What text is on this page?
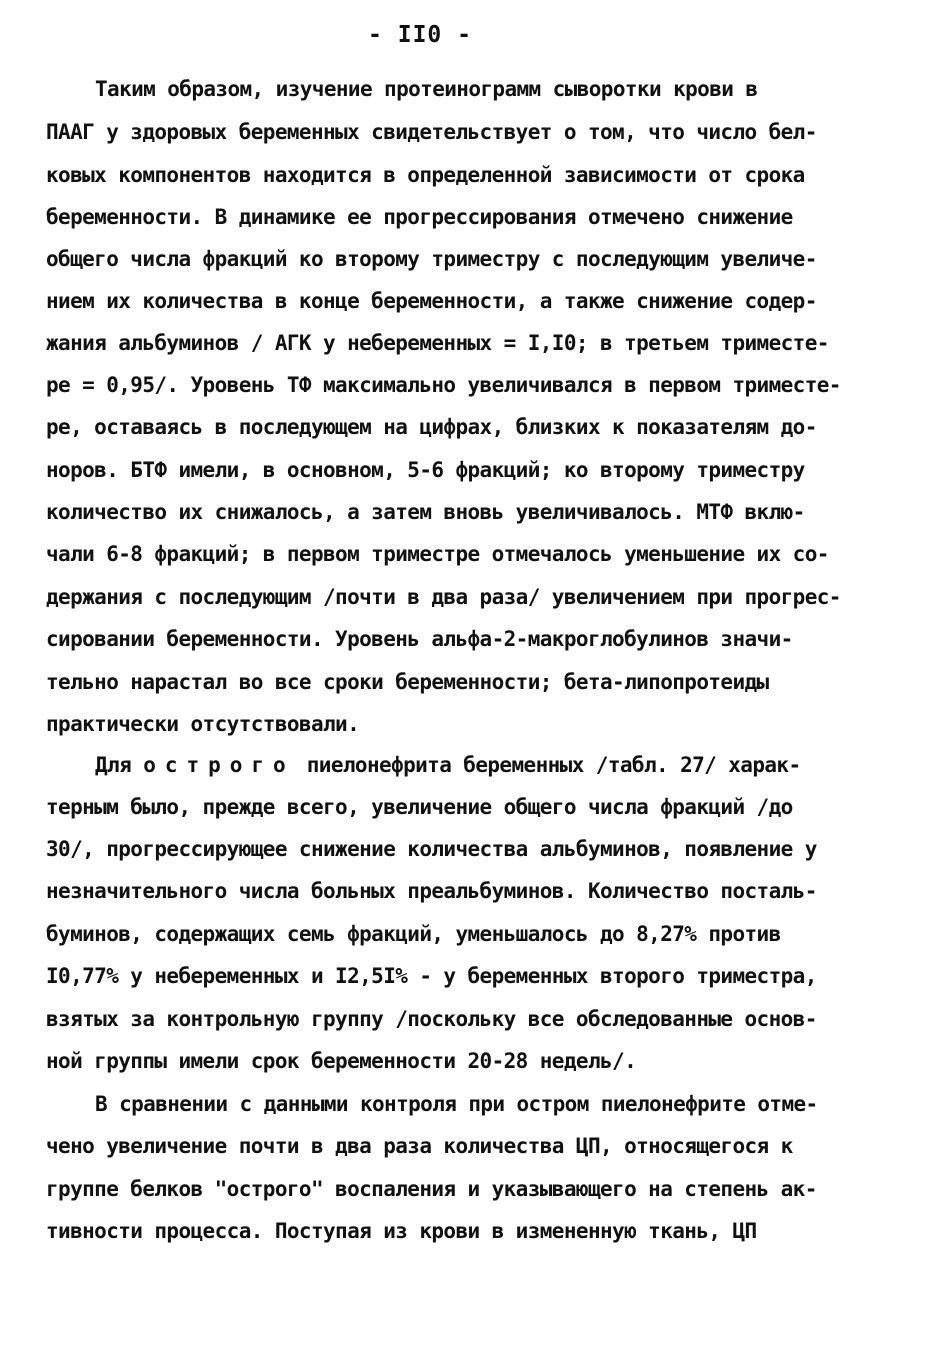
- II0 -
Таким образом, изучение протеинограмм сыворотки крови в
ПААГ у здоровых беременных свидетельствует о том, что число бел-
ковых компонентов находится в определенной зависимости от срока
беременности. В динамике ее прогрессирования отмечено снижение
общего числа фракций ко второму триместру с последующим увеличе-
нием их количества в конце беременности, а также снижение содер-
жания альбуминов / АГК у небеременных = I,I0; в третьем триместе-
ре = 0,95/. Уровень ТФ максимально увеличивался в первом триместе-
ре, оставаясь в последующем на цифрах, близких к показателям до-
норов. БТФ имели, в основном, 5-6 фракций; ко второму триместру
количество их снижалось, а затем вновь увеличивалось. МТФ вклю-
чали 6-8 фракций; в первом триместре отмечалось уменьшение их со-
держания с последующим /почти в два раза/ увеличением при прогрес-
сировании беременности. Уровень альфа-2-макроглобулинов значи-
тельно нарастал во все сроки беременности; бета-липопротеиды
практически отсутствовали.
Для острого пиелонефрита беременных /табл. 27/ харак-
терным было, прежде всего, увеличение общего числа фракций /до
30/, прогрессирующее снижение количества альбуминов, появление у
незначительного числа больных преальбуминов. Количество посталь-
буминов, содержащих семь фракций, уменьшалось до 8,27% против
I0,77% у небеременных и I2,5I% - у беременных второго триместра,
взятых за контрольную группу /поскольку все обследованные основ-
ной группы имели срок беременности 20-28 недель/.
В сравнении с данными контроля при остром пиелонефрите отме-
чено увеличение почти в два раза количества ЦП, относящегося к
группе белков "острого" воспаления и указывающего на степень ак-
тивности процесса. Поступая из крови в измененную ткань, ЦП
